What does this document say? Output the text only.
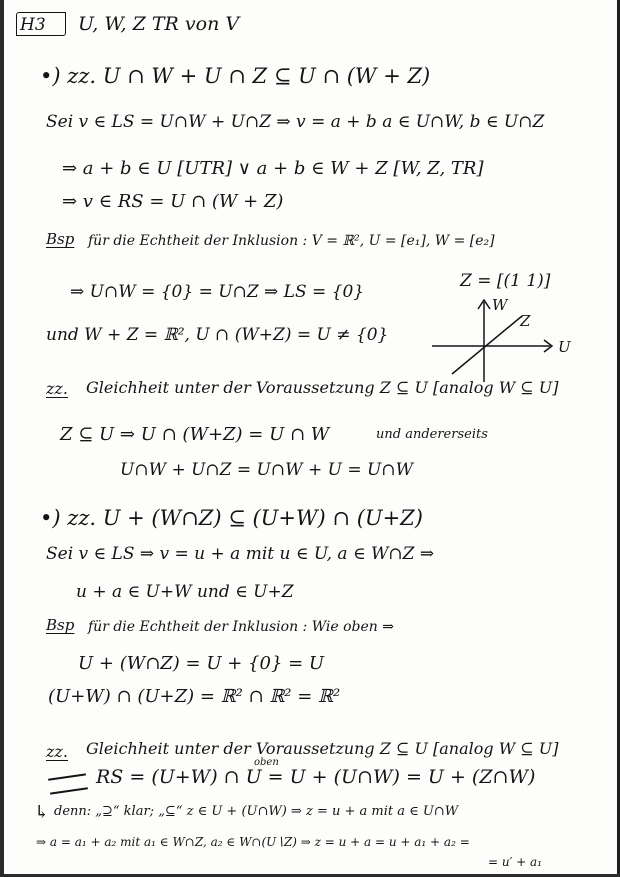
H3 U, W, Z TR von V
•) zz. U ∩ W + U ∩ Z ⊆ U ∩ (W + Z)
Sei v ∈ LS = U∩W + U∩Z ⇒ v = a + b a ∈ U∩W, b ∈ U∩Z
⇒ a + b ∈ U [UTR] ∨ a + b ∈ W + Z [W, Z, TR]
⇒ v ∈ RS = U ∩ (W + Z)
Bsp für die Echtheit der Inklusion : V = ℝ², U = [e₁], W = [e₂]
Z = [(1 1)]
⇒ U∩W = {0} = U∩Z ⇒ LS = {0}
und W + Z = ℝ², U ∩ (W+Z) = U ≠ {0}
W
Z
U
zz. Gleichheit unter der Voraussetzung Z ⊆ U [analog W ⊆ U]
Z ⊆ U ⇒ U ∩ (W+Z) = U ∩ W	und andererseits
U∩W + U∩Z = U∩W + U = U∩W
•) zz. U + (W∩Z) ⊆ (U+W) ∩ (U+Z)
Sei v ∈ LS ⇒ v = u + a mit u ∈ U, a ∈ W∩Z ⇒
u + a ∈ U+W und ∈ U+Z
Bsp für die Echtheit der Inklusion : Wie oben ⇒
U + (W∩Z) = U + {0} = U
(U+W) ∩ (U+Z) = ℝ² ∩ ℝ² = ℝ²
zz. Gleichheit unter der Voraussetzung Z ⊆ U [analog W ⊆ U]
oben
RS = (U+W) ∩ U = U + (U∩W) = U + (Z∩W)
↳ denn: „⊇“ klar; „⊆“ z ∈ U + (U∩W) ⇒ z = u + a mit a ∈ U∩W
⇒ a = a₁ + a₂ mit a₁ ∈ W∩Z, a₂ ∈ W∩(U∖Z) ⇒ z = u + a = u + a₁ + a₂ =
= u′ + a₁
